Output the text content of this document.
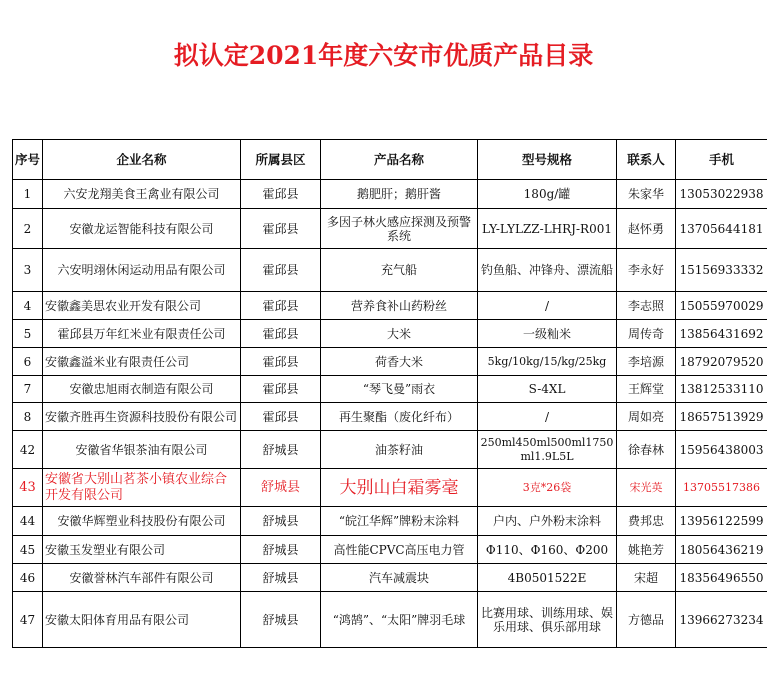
拟认定2021年度六安市优质产品目录
序号	企业名称	所属县区	产品名称	型号规格	联系人	手机
1	六安龙翔美食王禽业有限公司	霍邱县	鹅肥肝；鹅肝酱	180g/罐	朱家华	13053022938
2	安徽龙运智能科技有限公司	霍邱县	多因子林火感应探测及预警系统	LY-LYLZZ-LHRJ-R001	赵怀勇	13705644181
3	六安明翊休闲运动用品有限公司	霍邱县	充气船	钓鱼船、冲锋舟、漂流船	李永好	15156933332
4	安徽鑫美思农业开发有限公司	霍邱县	营养食补山药粉丝	/	李志照	15055970029
5	霍邱县万年红米业有限责任公司	霍邱县	大米	一级籼米	周传奇	13856431692
6	安徽鑫溢米业有限责任公司	霍邱县	荷香大米	5kg/10kg/15/kg/25kg	李培源	18792079520
7	安徽忠旭雨衣制造有限公司	霍邱县	“琴飞曼”雨衣	S-4XL	王辉堂	13812533110
8	安徽齐胜再生资源科技股份有限公司	霍邱县	再生聚酯（废化纤布）	/	周如亮	18657513929
42	安徽省华银茶油有限公司	舒城县	油茶籽油	250ml450ml500ml1750ml1.9L5L	徐春林	15956438003
43	安徽省大别山茗茶小镇农业综合开发有限公司	舒城县	大别山白霜雾毫	3克*26袋	宋光英	13705517386
44	安徽华辉塑业科技股份有限公司	舒城县	“皖江华辉”牌粉末涂料	户内、户外粉末涂料	费邦忠	13956122599
45	安徽玉发塑业有限公司	舒城县	高性能CPVC高压电力管	Φ110、Φ160、Φ200	姚艳芳	18056436219
46	安徽誉林汽车部件有限公司	舒城县	汽车减震块	4B0501522E	宋超	18356496550
47	安徽太阳体育用品有限公司	舒城县	“鸿鹄”、“太阳”牌羽毛球	比赛用球、训练用球、娱乐用球、俱乐部用球	方德品	13966273234
